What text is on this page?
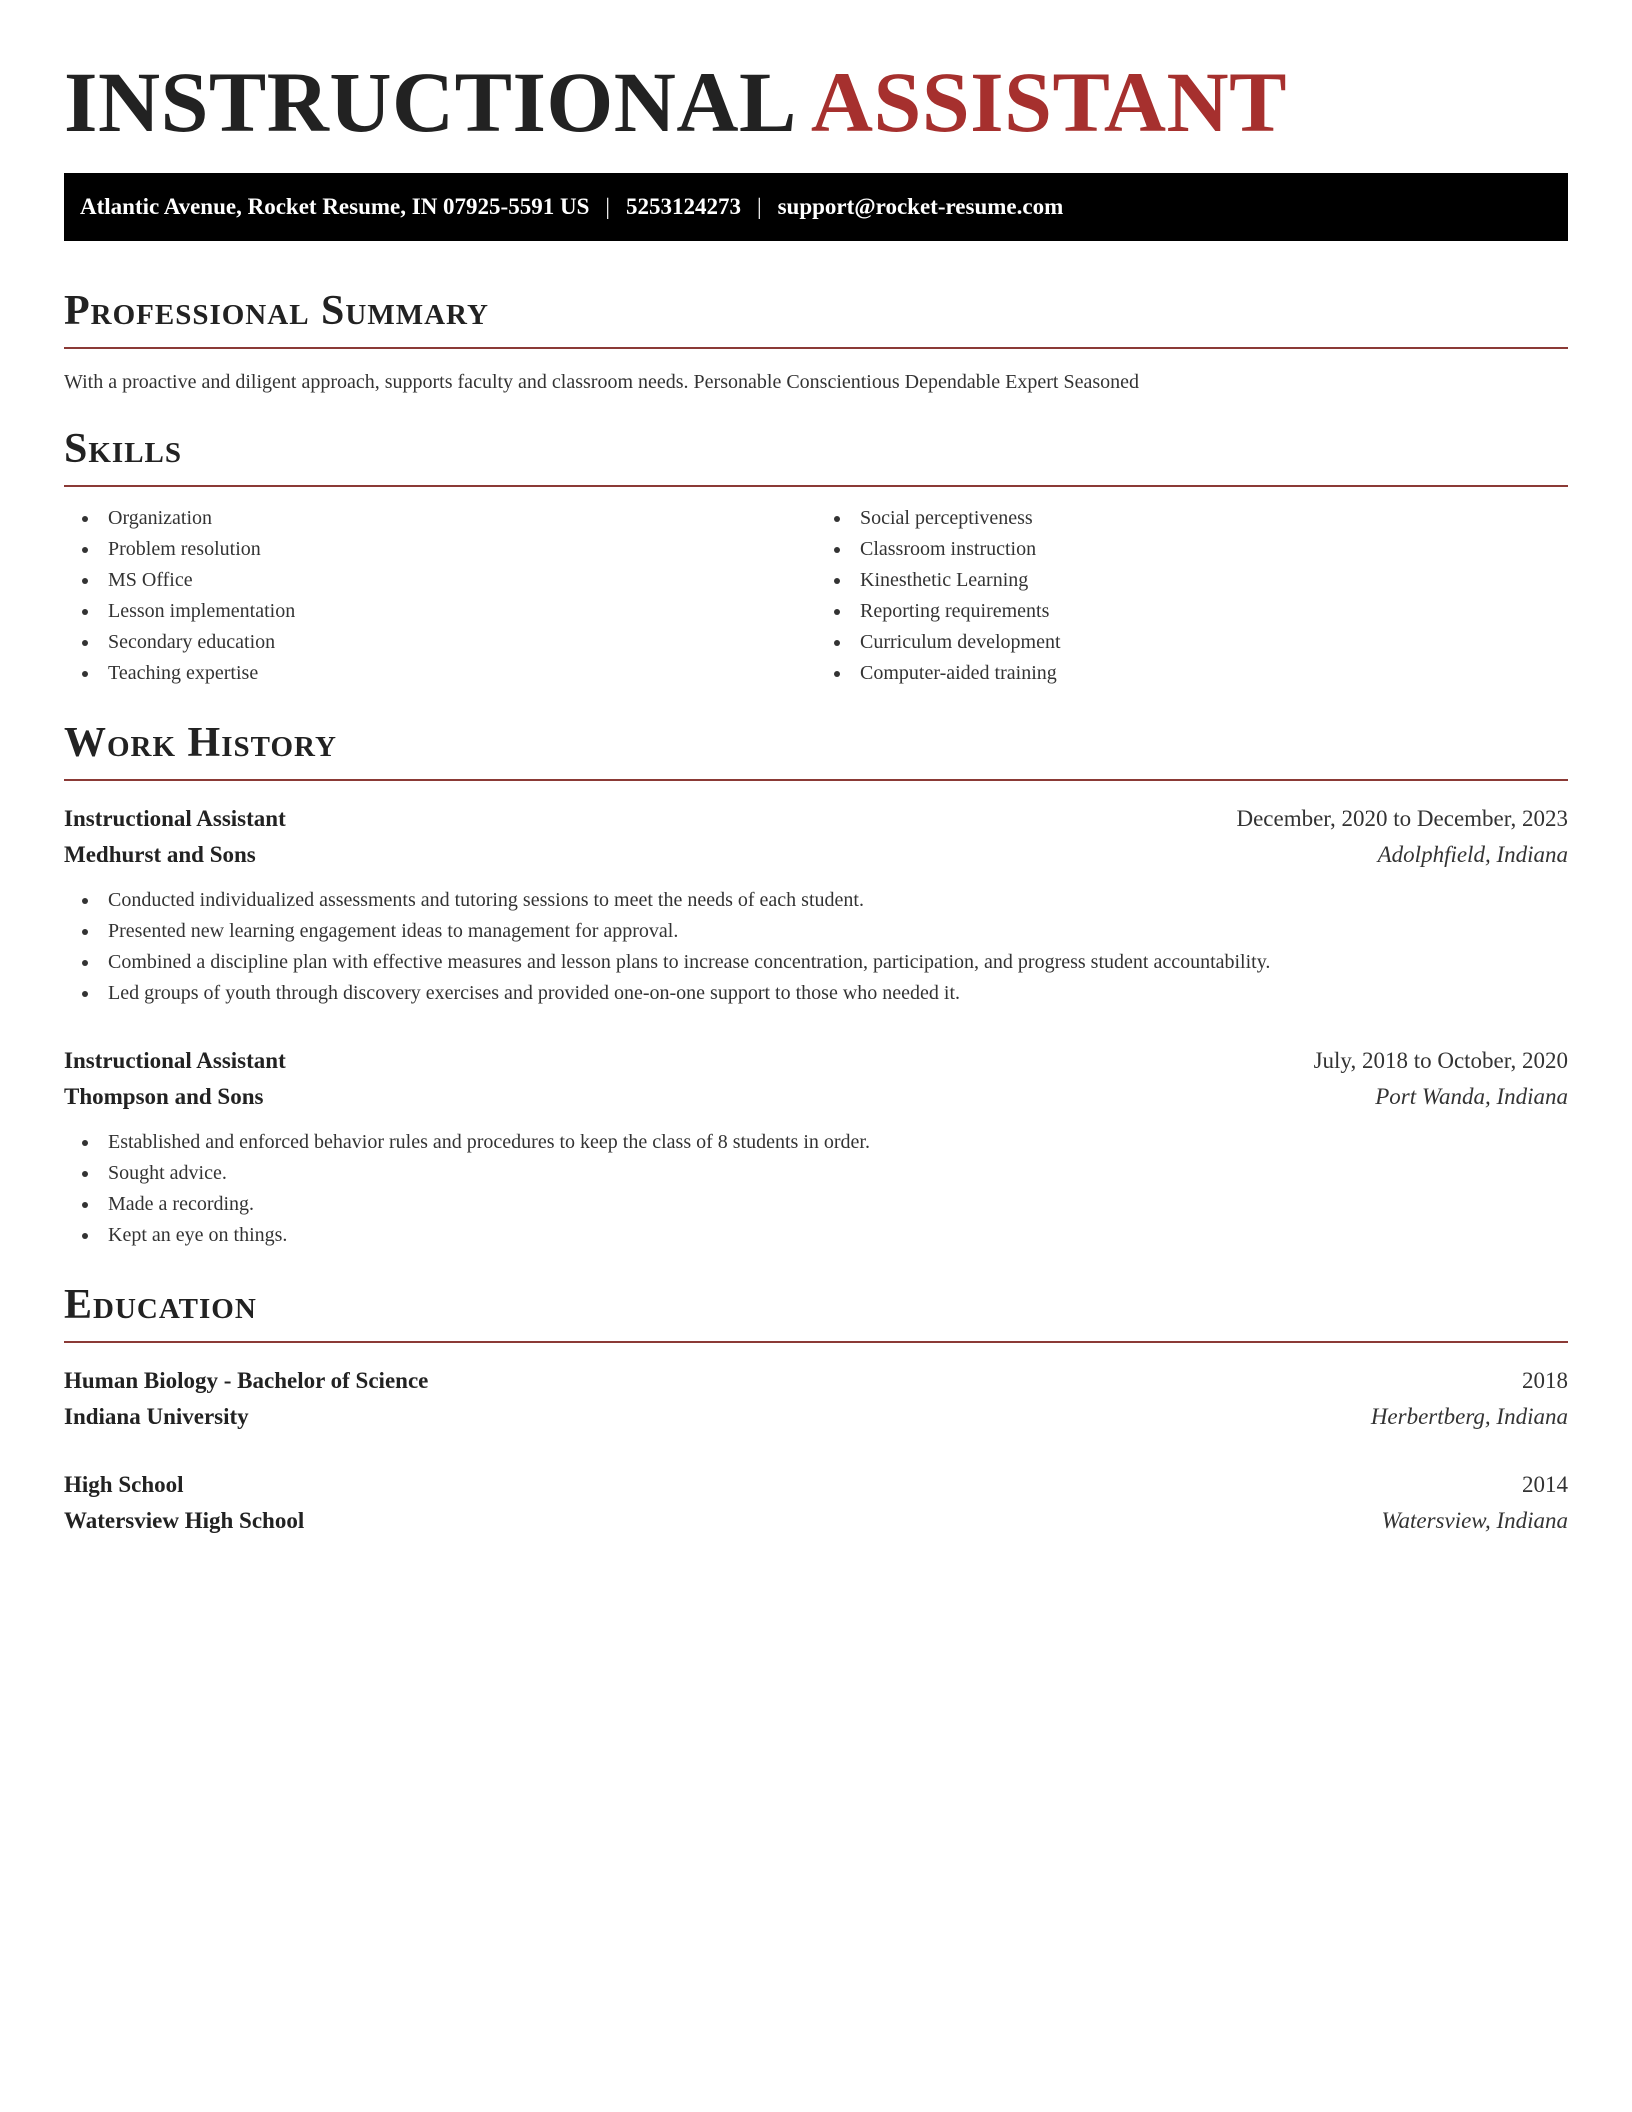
INSTRUCTIONAL ASSISTANT
Atlantic Avenue, Rocket Resume, IN 07925-5591 US | 5253124273 | support@rocket-resume.com
Professional Summary

With a proactive and diligent approach, supports faculty and classroom needs. Personable Conscientious Dependable Expert Seasoned

Skills
Organization
Problem resolution
MS Office
Lesson implementation
Secondary education
Teaching expertise
Social perceptiveness
Classroom instruction
Kinesthetic Learning
Reporting requirements
Curriculum development
Computer-aided training
Work History
Instructional Assistant	December, 2020 to December, 2023
Medhurst and Sons	Adolphfield, Indiana
Conducted individualized assessments and tutoring sessions to meet the needs of each student.
Presented new learning engagement ideas to management for approval.
Combined a discipline plan with effective measures and lesson plans to increase concentration, participation, and progress student accountability.
Led groups of youth through discovery exercises and provided one-on-one support to those who needed it.
Instructional Assistant	July, 2018 to October, 2020
Thompson and Sons	Port Wanda, Indiana
Established and enforced behavior rules and procedures to keep the class of 8 students in order.
Sought advice.
Made a recording.
Kept an eye on things.
Education
Human Biology - Bachelor of Science	2018
Indiana University	Herbertberg, Indiana
High School	2014
Watersview High School	Watersview, Indiana
